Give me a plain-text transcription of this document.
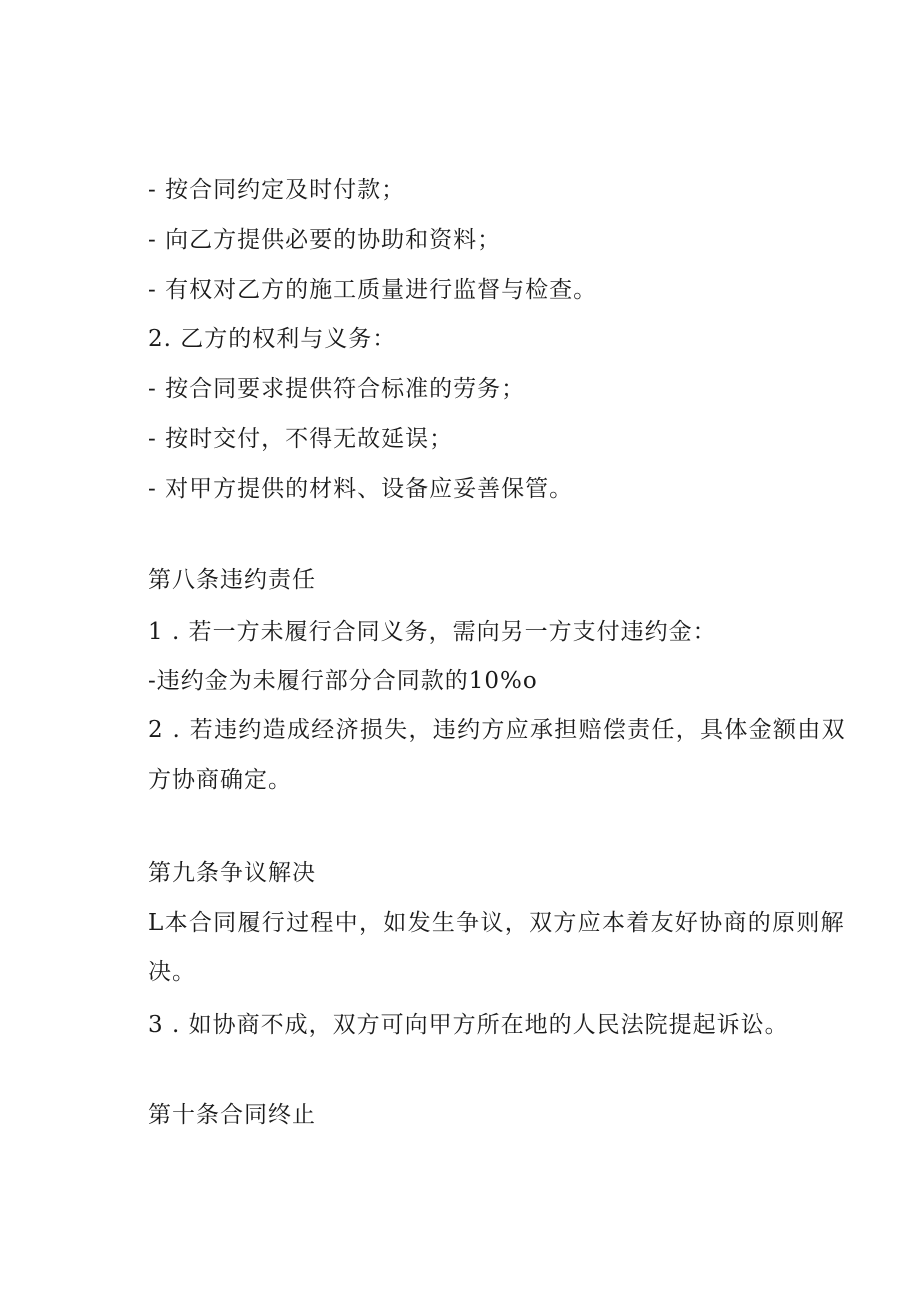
- 按合同约定及时付款；
- 向乙方提供必要的协助和资料；
- 有权对乙方的施工质量进行监督与检查。
2. 乙方的权利与义务：
- 按合同要求提供符合标准的劳务；
- 按时交付，不得无故延误；
- 对甲方提供的材料、设备应妥善保管。
第八条违约责任
1 . 若一方未履行合同义务，需向另一方支付违约金：
-违约金为未履行部分合同款的10%o
2 . 若违约造成经济损失，违约方应承担赔偿责任，具体金额由双
方协商确定。
第九条争议解决
L本合同履行过程中，如发生争议，双方应本着友好协商的原则解
决。
3 . 如协商不成，双方可向甲方所在地的人民法院提起诉讼。
第十条合同终止
